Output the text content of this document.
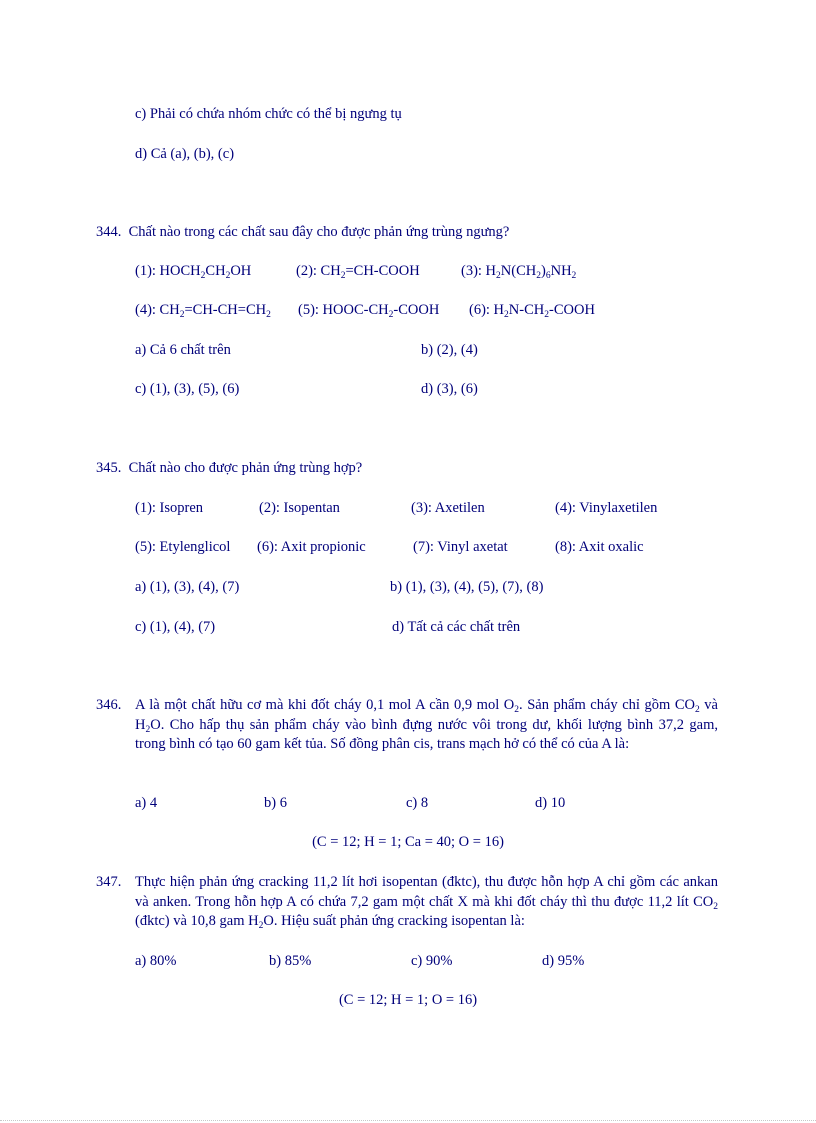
c) Phải có chứa nhóm chức có thể bị ngưng tụ
d) Cả (a), (b), (c)
344. Chất nào trong các chất sau đây cho được phản ứng trùng ngưng?
(1): $HOCH_2CH_2OH$	(2): $CH_2=CH$-COOH	(3): $H_2N(CH_2)_6NH_2$
(4): $CH_2=CH-CH=CH_2$ (5): HOOC-$CH_2$-COOH (6): $H_2N-CH_2$-COOH
a) Cả 6 chất trên	b) (2), (4)
c) (1), (3), (5), (6)	d) (3), (6)
345. Chất nào cho được phản ứng trùng hợp?
(1): Isopren	(2): Isopentan	(3): Axetilen	(4): Vinylaxetilen
(5): Etylenglicol (6): Axit propionic	(7): Vinyl axetat	(8): Axit oxalic
a) (1), (3), (4), (7)	b) (1), (3), (4), (5), (7), (8)
c) (1), (4), (7)	d) Tất cả các chất trên
346. A là một chất hữu cơ mà khi đốt cháy 0,1 mol A cần 0,9 mol $O_2$. Sản phẩm cháy chỉ gồm $CO_2$ và $H_2O$. Cho hấp thụ sản phẩm cháy vào bình đựng nước vôi trong dư, khối lượng bình 37,2 gam, trong bình có tạo 60 gam kết tủa. Số đồng phân cis, trans mạch hở có thể có của A là:
a) 4	b) 6	c) 8	d) 10
(C = 12; H = 1; Ca = 40; O = 16)
347. Thực hiện phản ứng cracking 11,2 lít hơi isopentan (đktc), thu được hỗn hợp A chỉ gồm các ankan và anken. Trong hỗn hợp A có chứa 7,2 gam một chất X mà khi đốt cháy thì thu được 11,2 lít $CO_2$ (đktc) và 10,8 gam $H_2O$. Hiệu suất phản ứng cracking isopentan là:
a) 80%	b) 85%	c) 90%	d) 95%
(C = 12; H = 1; O = 16)
